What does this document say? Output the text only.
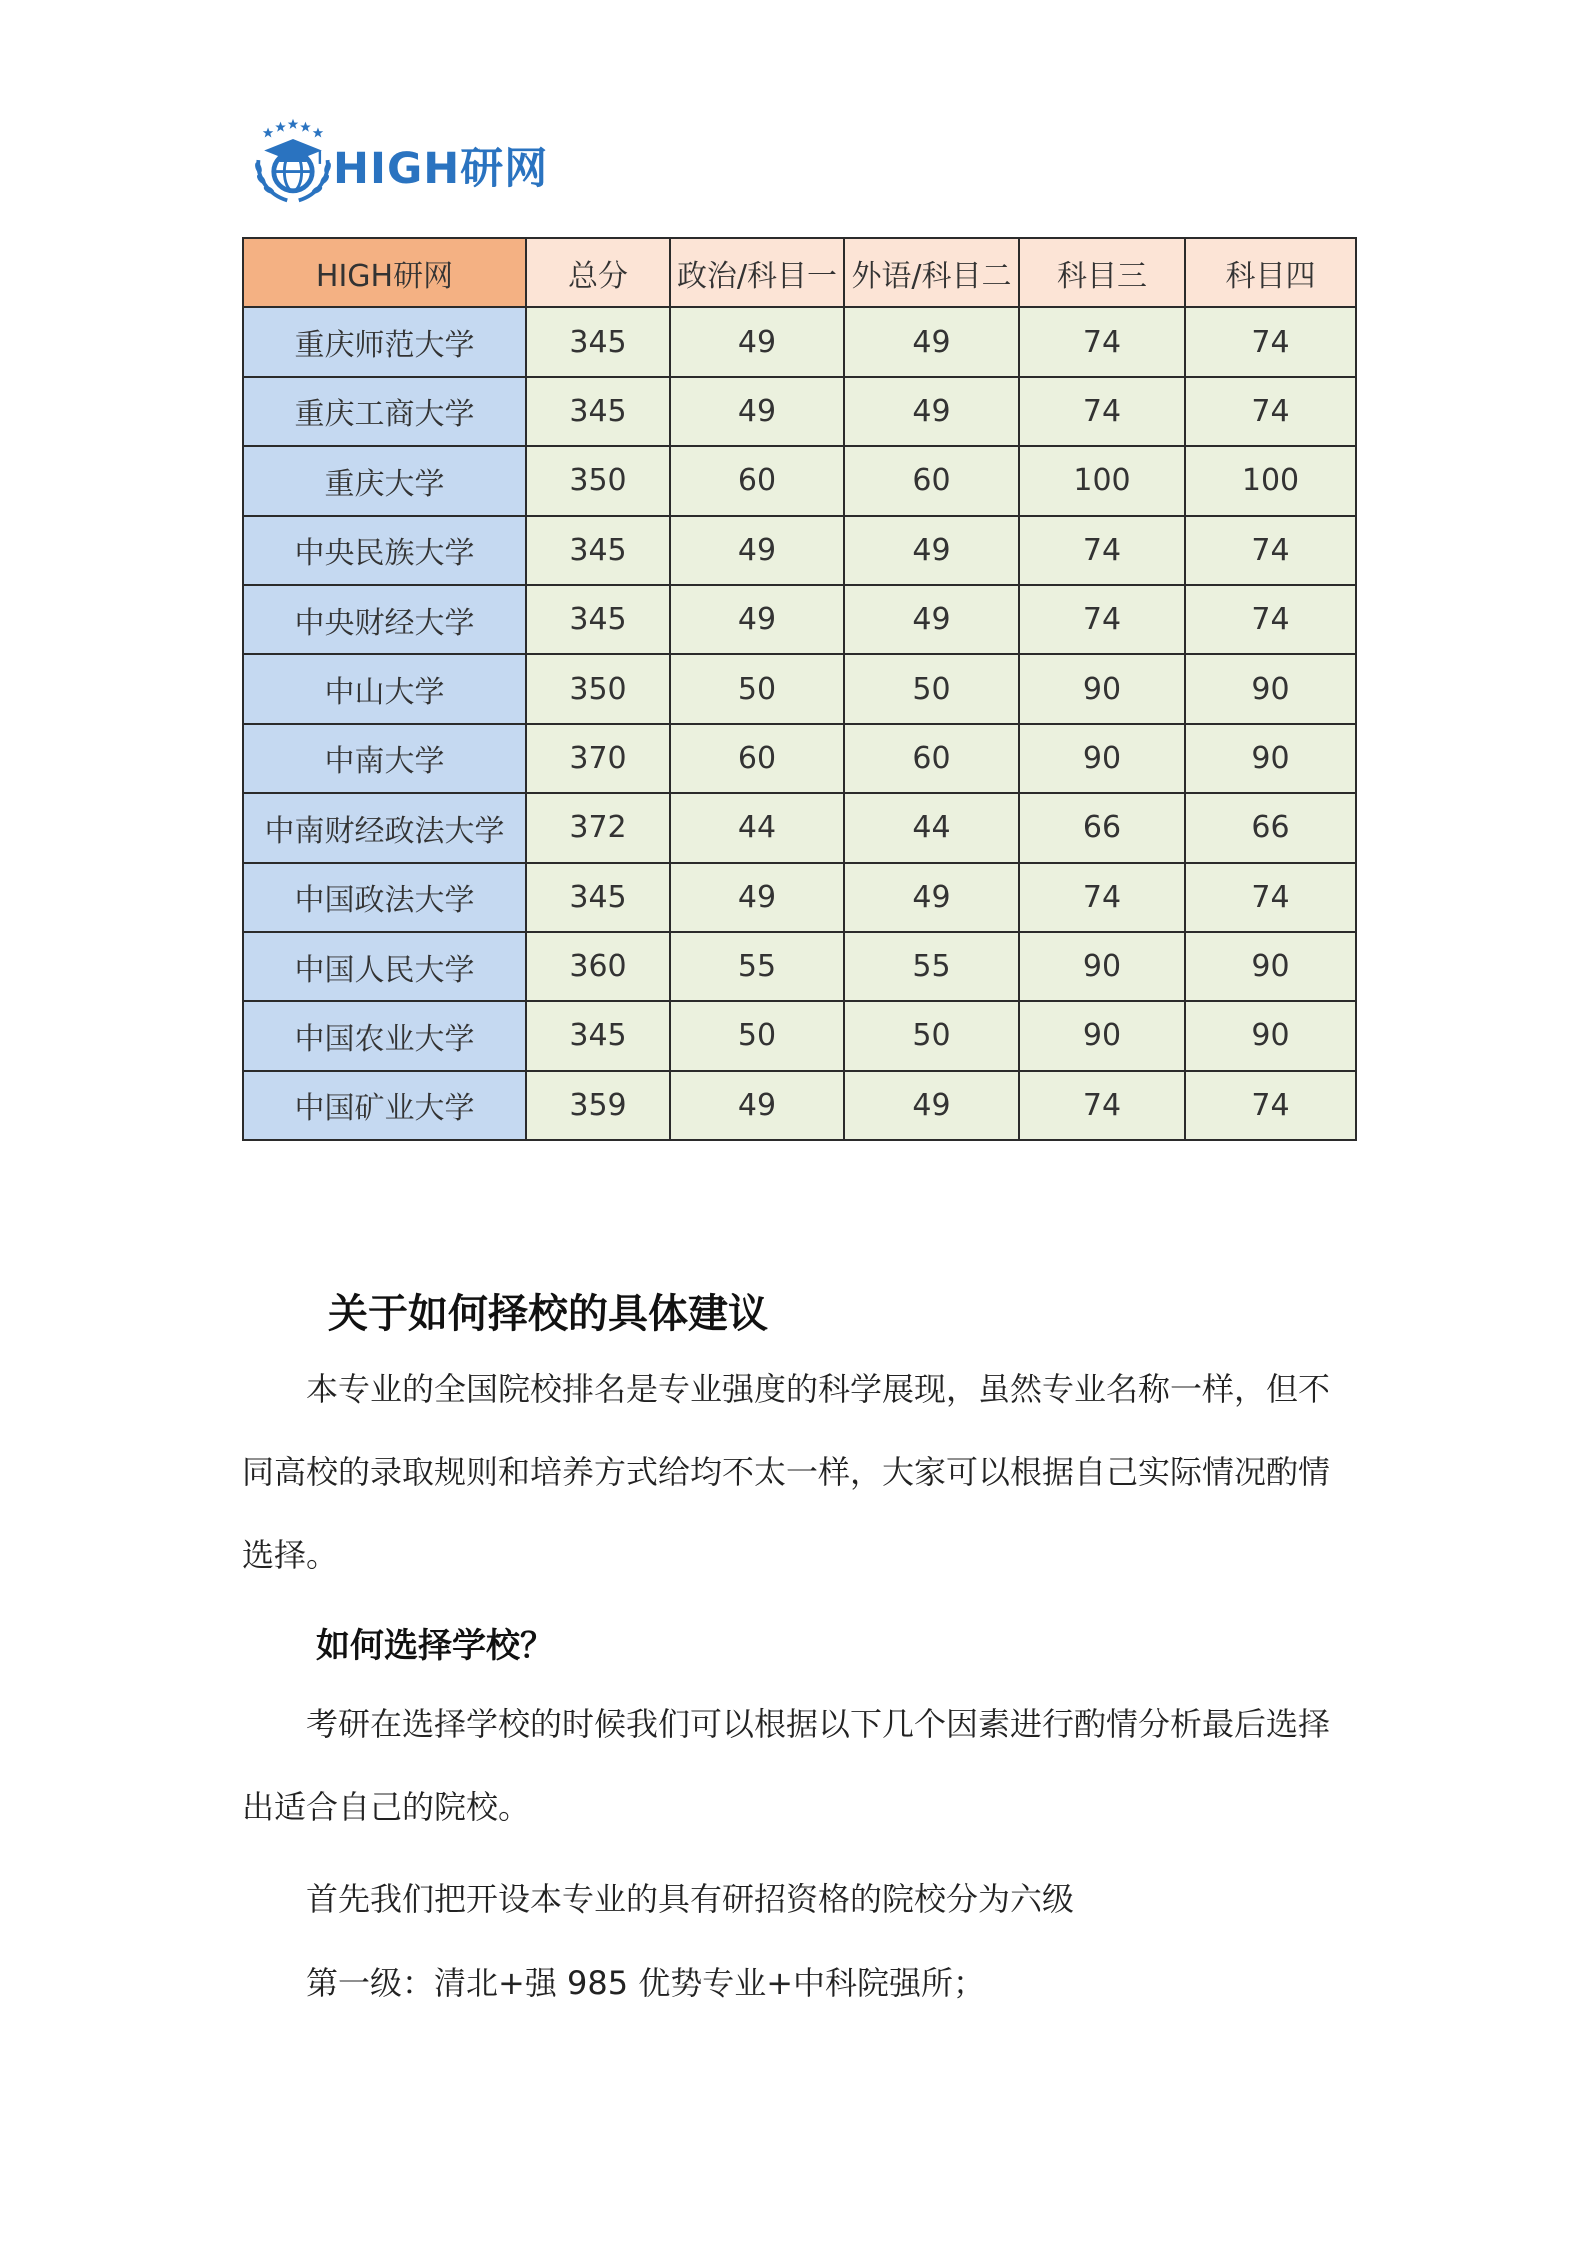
HIGH研网
HIGH研网	总分	政治/科目一	外语/科目二	科目三	科目四
重庆师范大学	345	49	49	74	74
重庆工商大学	345	49	49	74	74
重庆大学	350	60	60	100	100
中央民族大学	345	49	49	74	74
中央财经大学	345	49	49	74	74
中山大学	350	50	50	90	90
中南大学	370	60	60	90	90
中南财经政法大学	372	44	44	66	66
中国政法大学	345	49	49	74	74
中国人民大学	360	55	55	90	90
中国农业大学	345	50	50	90	90
中国矿业大学	359	49	49	74	74
关于如何择校的具体建议

本专业的全国院校排名是专业强度的科学展现，虽然专业名称一样，但不同高校的录取规则和培养方式给均不太一样，大家可以根据自己实际情况酌情选择。

如何选择学校？

考研在选择学校的时候我们可以根据以下几个因素进行酌情分析最后选择出适合自己的院校。

首先我们把开设本专业的具有研招资格的院校分为六级
第一级：清北+强 985 优势专业+中科院强所；
